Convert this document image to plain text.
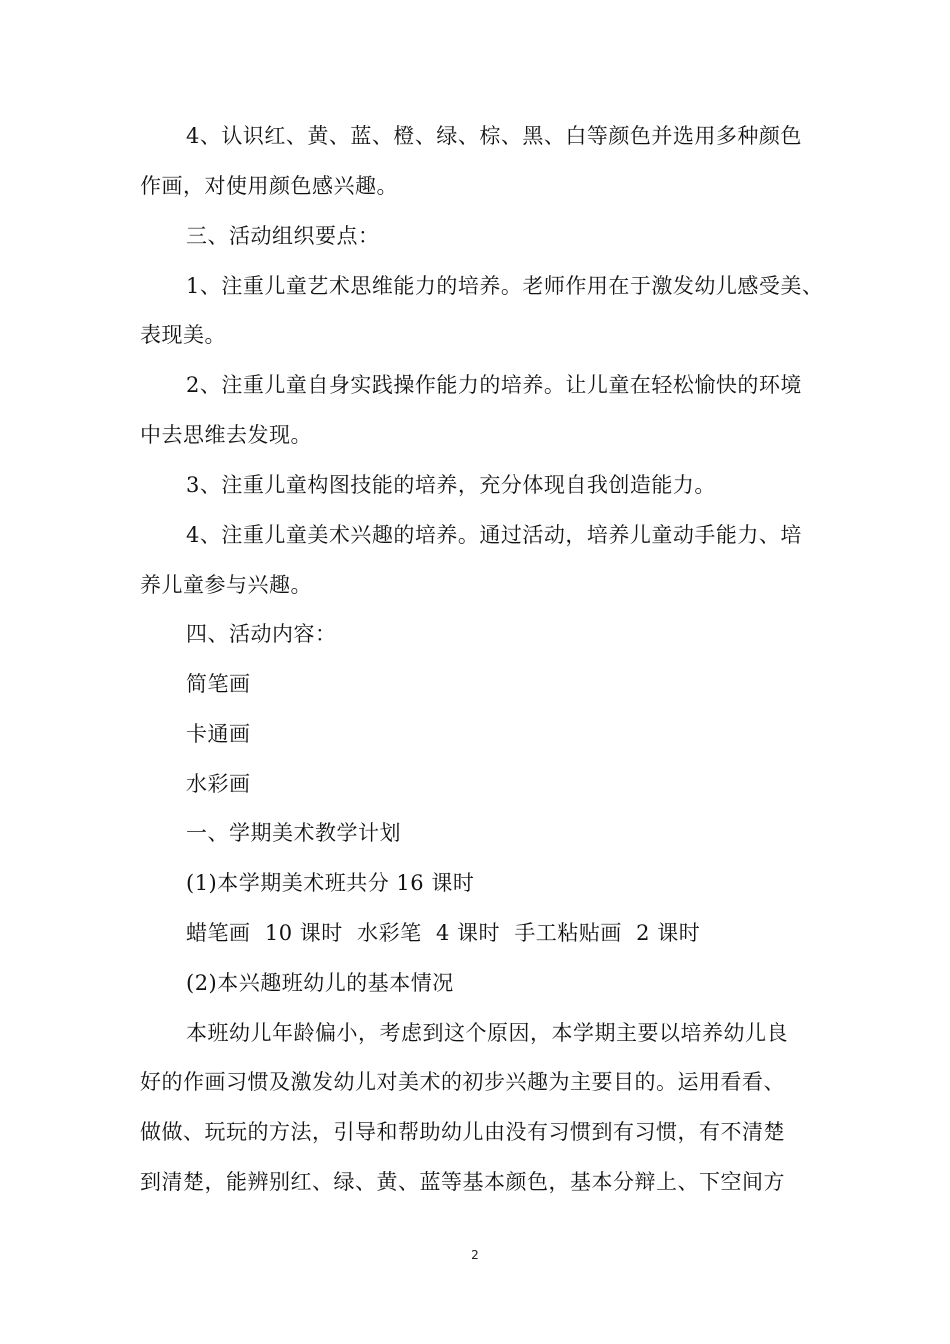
4、认识红、黄、蓝、橙、绿、棕、黑、白等颜色并选用多种颜色
作画，对使用颜色感兴趣。
三、活动组织要点：
1、注重儿童艺术思维能力的培养。老师作用在于激发幼儿感受美、
表现美。
2、注重儿童自身实践操作能力的培养。让儿童在轻松愉快的环境
中去思维去发现。
3、注重儿童构图技能的培养，充分体现自我创造能力。
4、注重儿童美术兴趣的培养。通过活动，培养儿童动手能力、培
养儿童参与兴趣。
四、活动内容：
简笔画
卡通画
水彩画
一、学期美术教学计划
(1)本学期美术班共分 16 课时
蜡笔画  10 课时  水彩笔  4 课时  手工粘贴画  2 课时
(2)本兴趣班幼儿的基本情况
本班幼儿年龄偏小，考虑到这个原因，本学期主要以培养幼儿良
好的作画习惯及激发幼儿对美术的初步兴趣为主要目的。运用看看、
做做、玩玩的方法，引导和帮助幼儿由没有习惯到有习惯，有不清楚
到清楚，能辨别红、绿、黄、蓝等基本颜色，基本分辩上、下空间方
2
